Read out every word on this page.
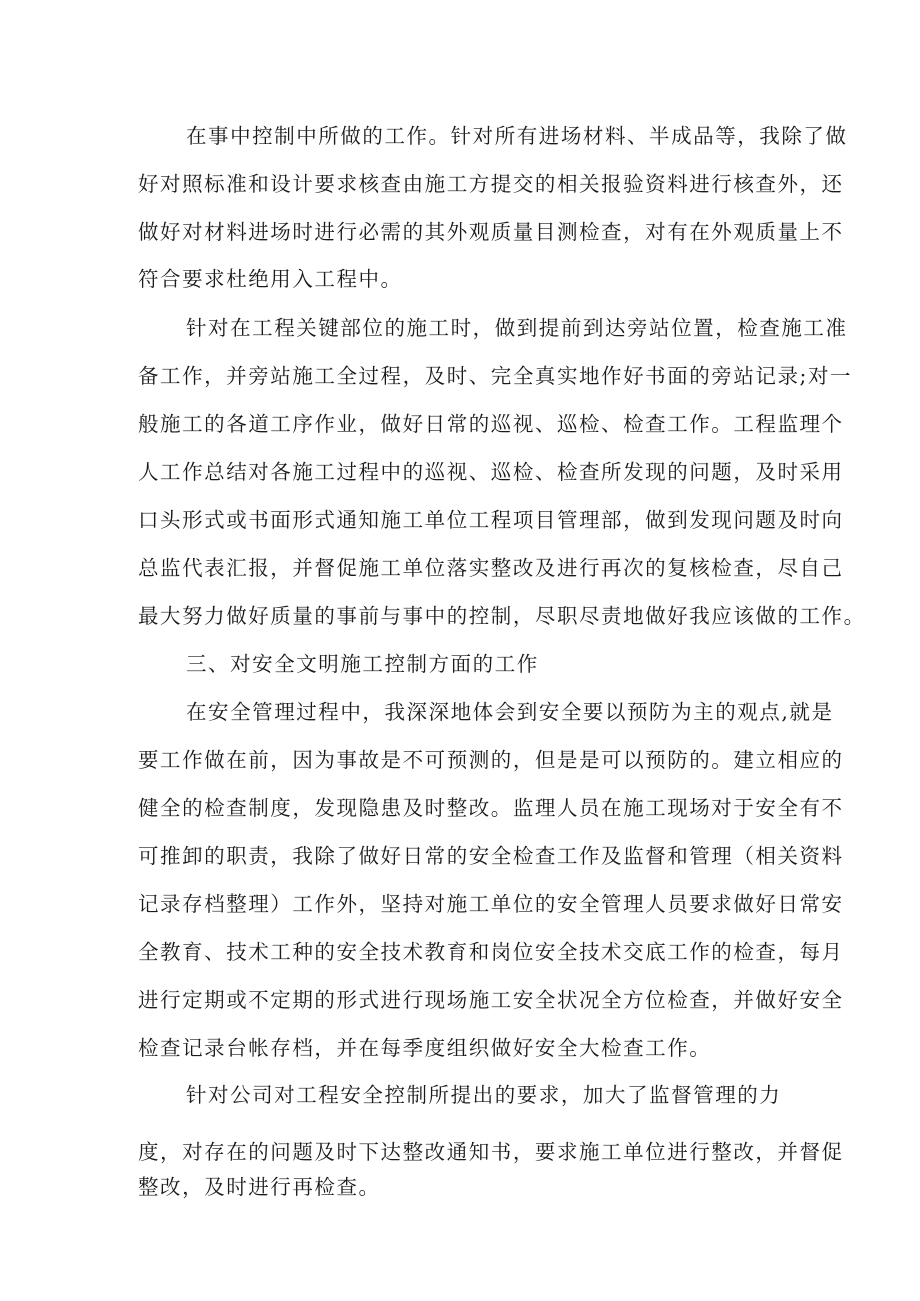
在事中控制中所做的工作。针对所有进场材料、半成品等，我除了做
好对照标准和设计要求核查由施工方提交的相关报验资料进行核查外，还
做好对材料进场时进行必需的其外观质量目测检查，对有在外观质量上不
符合要求杜绝用入工程中。
针对在工程关键部位的施工时，做到提前到达旁站位置，检查施工准
备工作，并旁站施工全过程，及时、完全真实地作好书面的旁站记录;对一
般施工的各道工序作业，做好日常的巡视、巡检、检查工作。工程监理个
人工作总结对各施工过程中的巡视、巡检、检查所发现的问题，及时采用
口头形式或书面形式通知施工单位工程项目管理部，做到发现问题及时向
总监代表汇报，并督促施工单位落实整改及进行再次的复核检查，尽自己
最大努力做好质量的事前与事中的控制，尽职尽责地做好我应该做的工作。
三、对安全文明施工控制方面的工作
在安全管理过程中，我深深地体会到安全要以预防为主的观点,就是
要工作做在前，因为事故是不可预测的，但是是可以预防的。建立相应的
健全的检查制度，发现隐患及时整改。监理人员在施工现场对于安全有不
可推卸的职责，我除了做好日常的安全检查工作及监督和管理（相关资料
记录存档整理）工作外，坚持对施工单位的安全管理人员要求做好日常安
全教育、技术工种的安全技术教育和岗位安全技术交底工作的检查，每月
进行定期或不定期的形式进行现场施工安全状况全方位检查，并做好安全
检查记录台帐存档，并在每季度组织做好安全大检查工作。
针对公司对工程安全控制所提出的要求，加大了监督管理的力
度，对存在的问题及时下达整改通知书，要求施工单位进行整改，并督促
整改，及时进行再检查。
